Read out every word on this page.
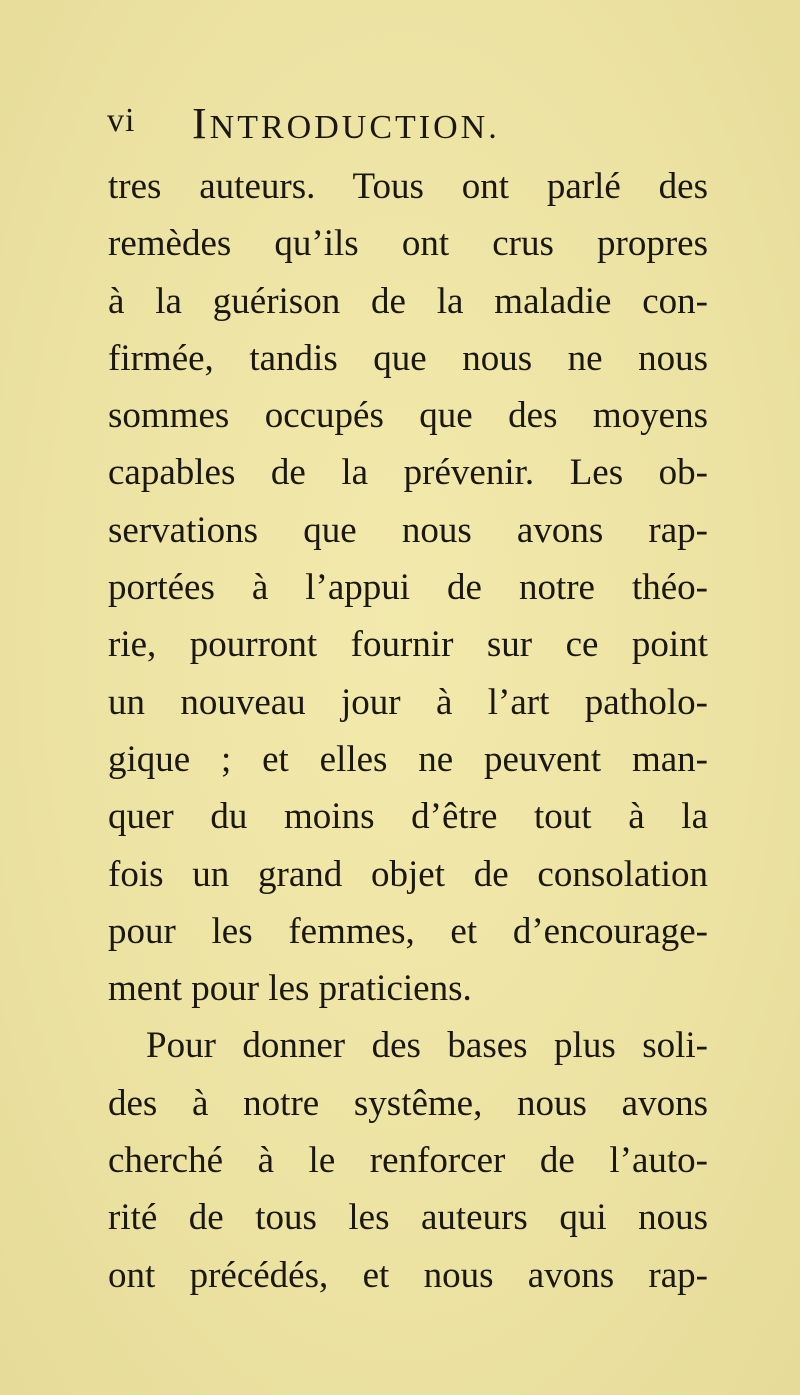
vi INTRODUCTION.
tres auteurs. Tous ont parlé des
remèdes qu’ils ont crus propres
à la guérison de la maladie con-
firmée, tandis que nous ne nous
sommes occupés que des moyens
capables de la prévenir. Les ob-
servations que nous avons rap-
portées à l’appui de notre théo-
rie, pourront fournir sur ce point
un nouveau jour à l’art patholo-
gique ; et elles ne peuvent man-
quer du moins d’être tout à la
fois un grand objet de consolation
pour les femmes, et d’encourage-
ment pour les praticiens.
Pour donner des bases plus soli-
des à notre systême, nous avons
cherché à le renforcer de l’auto-
rité de tous les auteurs qui nous
ont précédés, et nous avons rap-
